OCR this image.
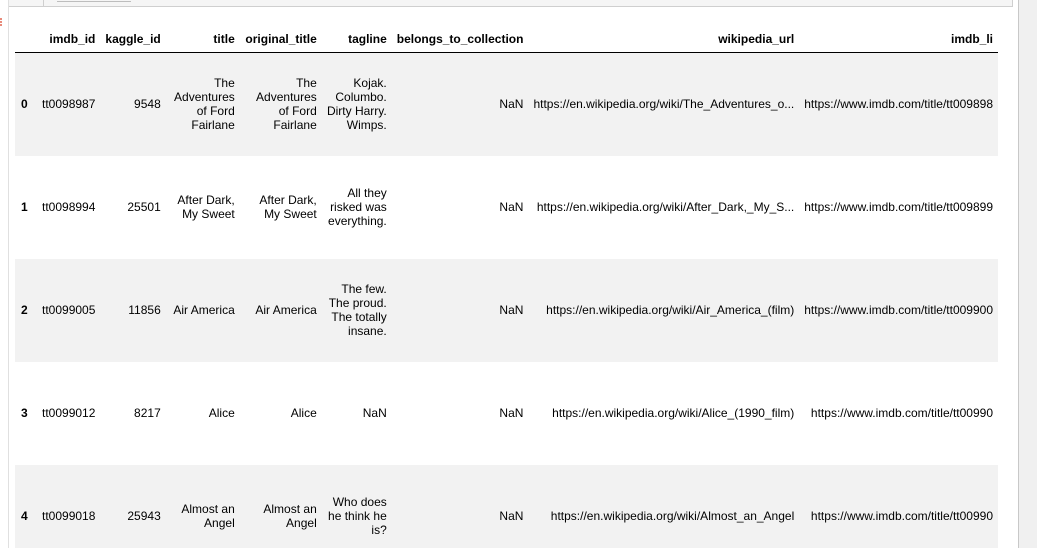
	imdb_id	kaggle_id	title	original_title	tagline	belongs_to_collection	wikipedia_url	imdb_li
0	tt0098987	9548	The Adventures of Ford Fairlane	The Adventures of Ford Fairlane	Kojak. Columbo. Dirty Harry. Wimps.	NaN	https://en.wikipedia.org/wiki/The_Adventures_o...	https://www.imdb.com/title/tt009898
1	tt0098994	25501	After Dark, My Sweet	After Dark, My Sweet	All they risked was everything.	NaN	https://en.wikipedia.org/wiki/After_Dark,_My_S...	https://www.imdb.com/title/tt009899
2	tt0099005	11856	Air America	Air America	The few. The proud. The totally insane.	NaN	https://en.wikipedia.org/wiki/Air_America_(film)	https://www.imdb.com/title/tt009900
3	tt0099012	8217	Alice	Alice	NaN	NaN	https://en.wikipedia.org/wiki/Alice_(1990_film)	https://www.imdb.com/title/tt00990
4	tt0099018	25943	Almost an Angel	Almost an Angel	Who does he think he is?	NaN	https://en.wikipedia.org/wiki/Almost_an_Angel	https://www.imdb.com/title/tt00990
